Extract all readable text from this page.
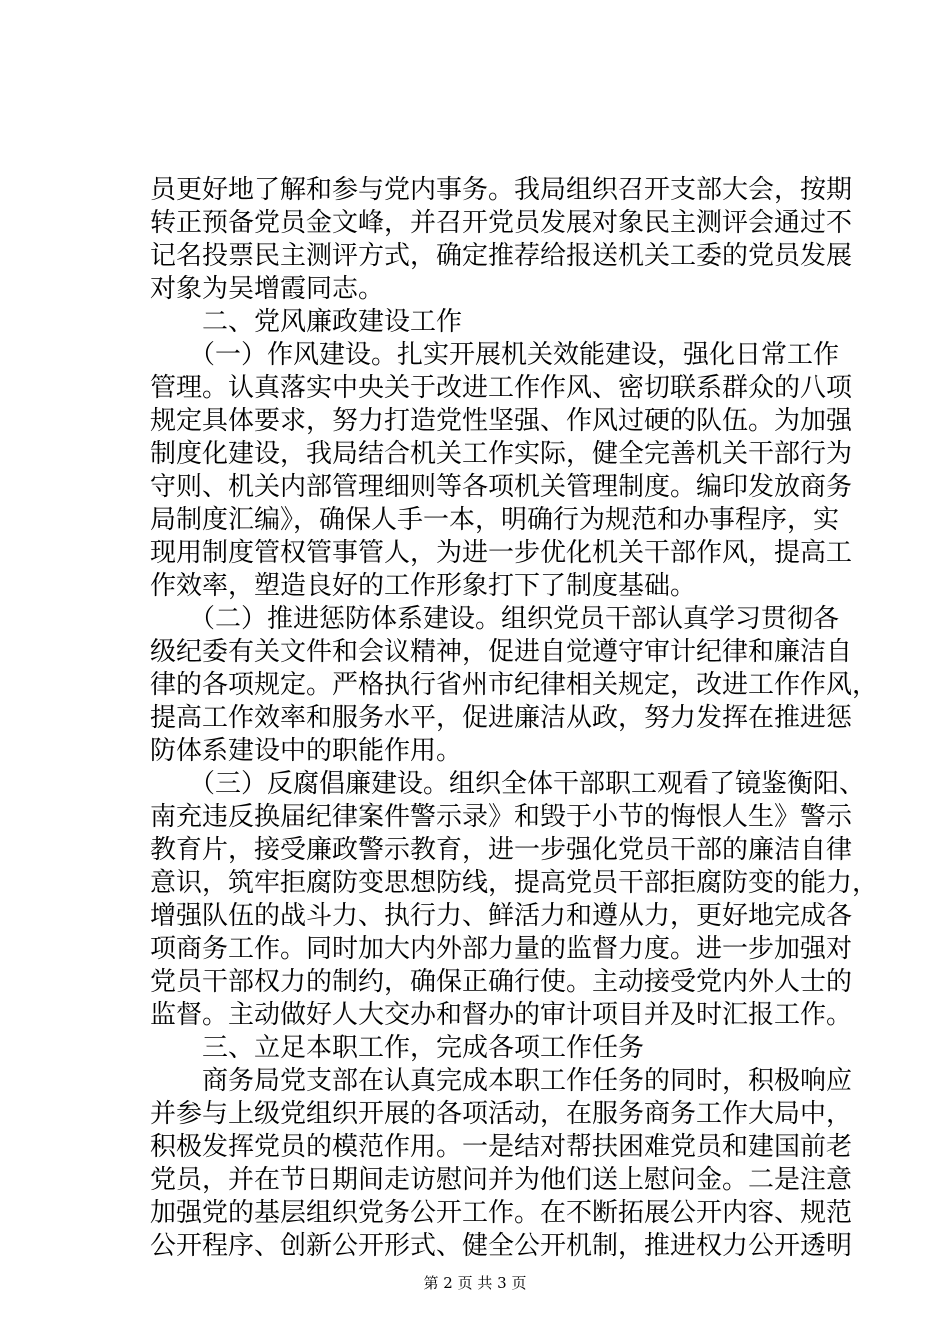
员更好地了解和参与党内事务。我局组织召开支部大会，按期
转正预备党员金文峰，并召开党员发展对象民主测评会通过不
记名投票民主测评方式，确定推荐给报送机关工委的党员发展
对象为吴增霞同志。
　　二、党风廉政建设工作
　　（一）作风建设。扎实开展机关效能建设，强化日常工作
管理。认真落实中央关于改进工作作风、密切联系群众的八项
规定具体要求，努力打造党性坚强、作风过硬的队伍。为加强
制度化建设，我局结合机关工作实际，健全完善机关干部行为
守则、机关内部管理细则等各项机关管理制度。编印发放商务
局制度汇编》，确保人手一本，明确行为规范和办事程序，实
现用制度管权管事管人，为进一步优化机关干部作风，提高工
作效率，塑造良好的工作形象打下了制度基础。
　　（二）推进惩防体系建设。组织党员干部认真学习贯彻各
级纪委有关文件和会议精神，促进自觉遵守审计纪律和廉洁自
律的各项规定。严格执行省州市纪律相关规定，改进工作作风，
提高工作效率和服务水平，促进廉洁从政，努力发挥在推进惩
防体系建设中的职能作用。
　　（三）反腐倡廉建设。组织全体干部职工观看了镜鉴衡阳、
南充违反换届纪律案件警示录》和毁于小节的悔恨人生》警示
教育片，接受廉政警示教育，进一步强化党员干部的廉洁自律
意识，筑牢拒腐防变思想防线，提高党员干部拒腐防变的能力，
增强队伍的战斗力、执行力、鲜活力和遵从力，更好地完成各
项商务工作。同时加大内外部力量的监督力度。进一步加强对
党员干部权力的制约，确保正确行使。主动接受党内外人士的
监督。主动做好人大交办和督办的审计项目并及时汇报工作。
　　三、立足本职工作，完成各项工作任务
　　商务局党支部在认真完成本职工作任务的同时，积极响应
并参与上级党组织开展的各项活动，在服务商务工作大局中，
积极发挥党员的模范作用。一是结对帮扶困难党员和建国前老
党员，并在节日期间走访慰问并为他们送上慰问金。二是注意
加强党的基层组织党务公开工作。在不断拓展公开内容、规范
公开程序、创新公开形式、健全公开机制，推进权力公开透明
第 2 页 共 3 页
